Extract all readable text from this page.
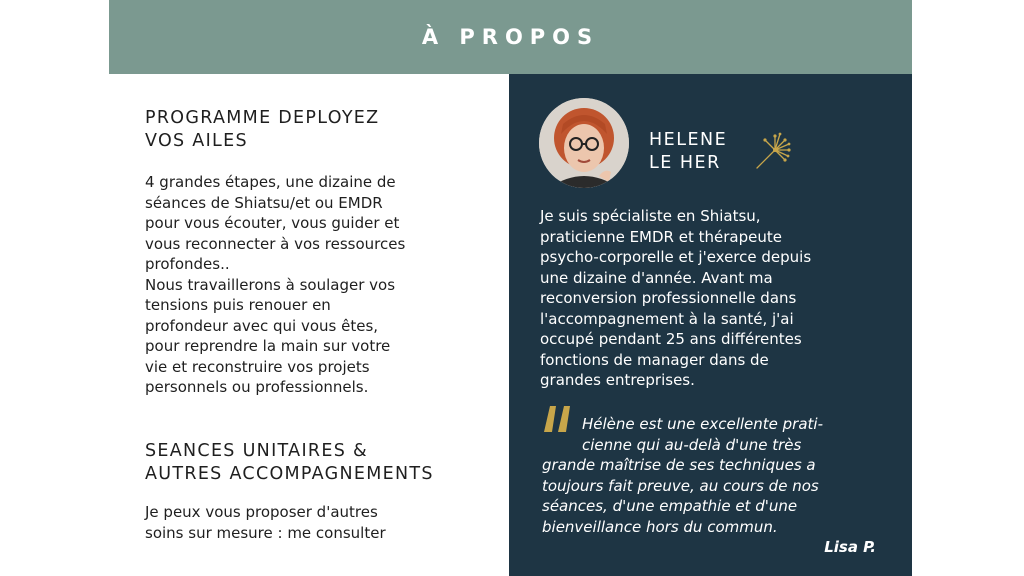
À PROPOS
PROGRAMME DEPLOYEZ
VOS AILES

4 grandes étapes, une dizaine de
séances de Shiatsu/et ou EMDR
pour vous écouter, vous guider et
vous reconnecter à vos ressources
profondes..
Nous travaillerons à soulager vos
tensions puis renouer en
profondeur avec qui vous êtes,
pour reprendre la main sur votre
vie et reconstruire vos projets
personnels ou professionnels.

SEANCES UNITAIRES &
AUTRES ACCOMPAGNEMENTS

Je peux vous proposer d'autres
soins sur mesure : me consulter

HELENE
LE HER

Je suis spécialiste en Shiatsu,
praticienne EMDR et thérapeute
psycho-corporelle et j'exerce depuis
une dizaine d'année. Avant ma
reconversion professionnelle dans
l'accompagnement à la santé, j'ai
occupé pendant 25 ans différentes
fonctions de manager dans de
grandes entreprises.

Hélène est une excellente prati-
cienne qui au-delà d'une très
grande maîtrise de ses techniques a
toujours fait preuve, au cours de nos
séances, d'une empathie et d'une
bienveillance hors du commun.

Lisa P.
